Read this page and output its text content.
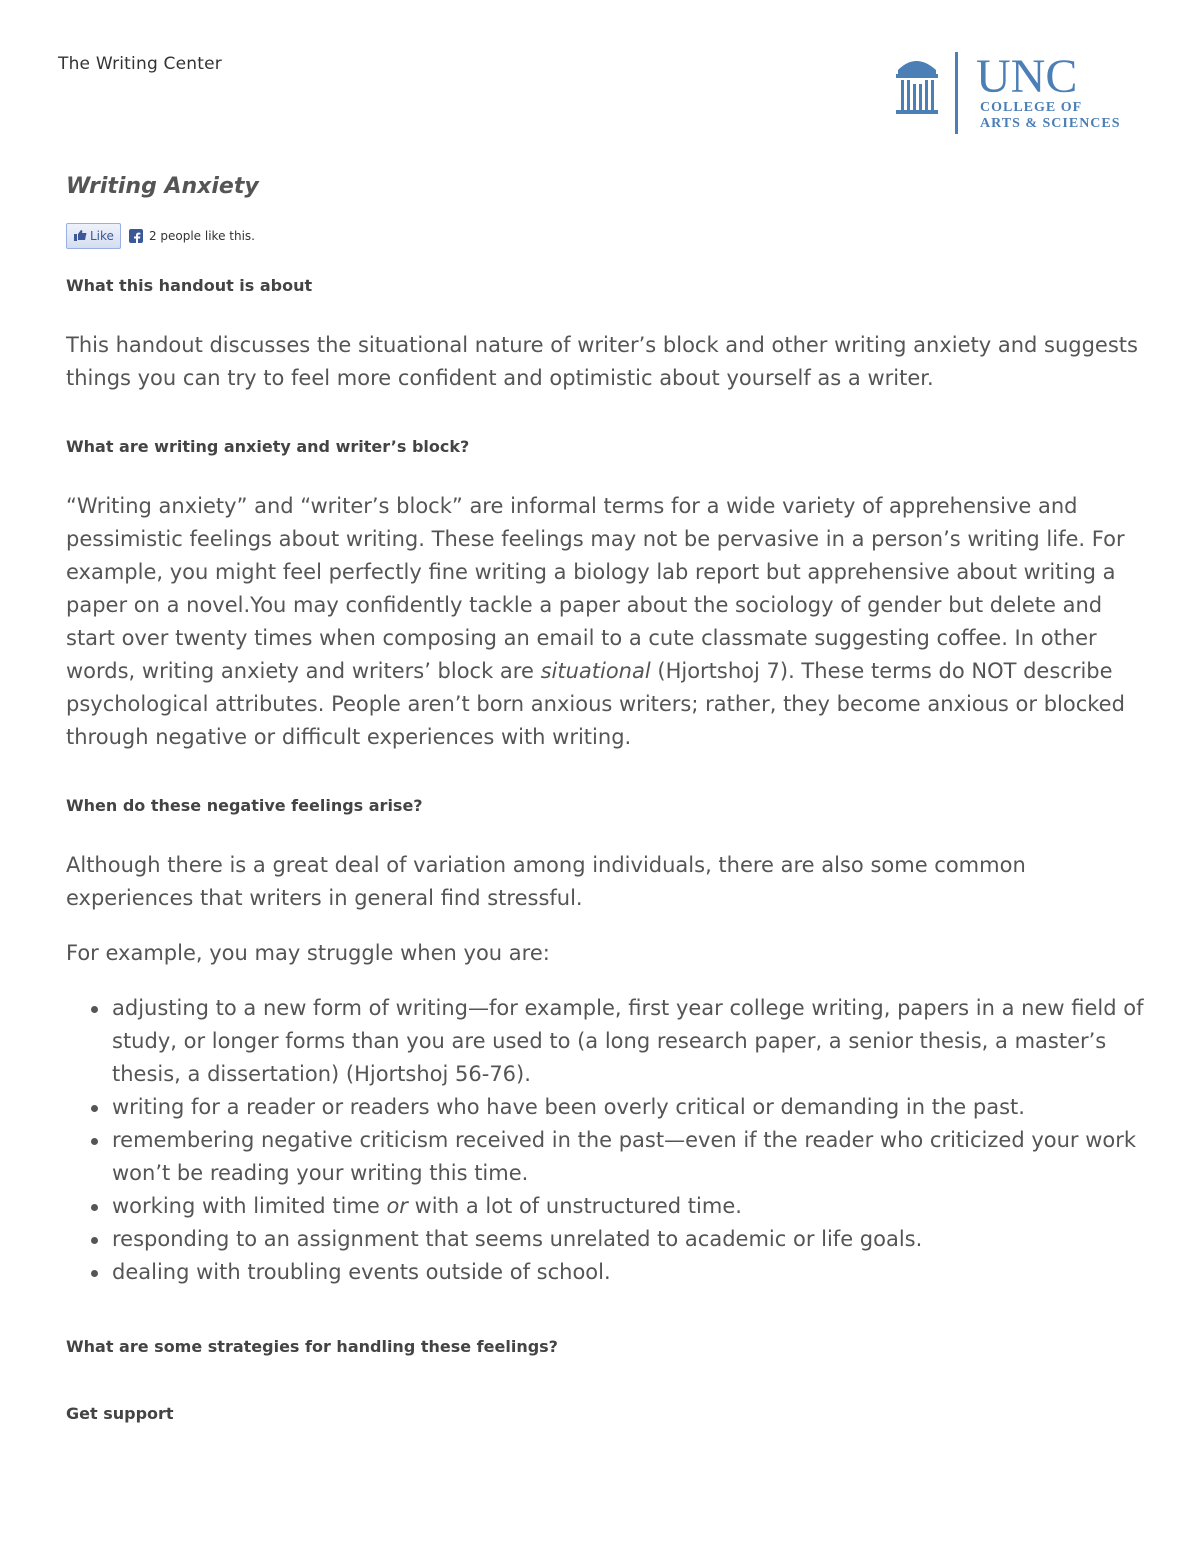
The Writing Center	UNC
COLLEGE OF
ARTS & SCIENCES
Writing Anxiety
Like	2 people like this.
What this handout is about

This handout discusses the situational nature of writer’s block and other writing anxiety and suggests things you can try to feel more confident and optimistic about yourself as a writer.

What are writing anxiety and writer’s block?

“Writing anxiety” and “writer’s block” are informal terms for a wide variety of apprehensive and pessimistic feelings about writing. These feelings may not be pervasive in a person’s writing life. For example, you might feel perfectly fine writing a biology lab report but apprehensive about writing a paper on a novel.You may confidently tackle a paper about the sociology of gender but delete and start over twenty times when composing an email to a cute classmate suggesting coffee. In other words, writing anxiety and writers’ block are situational (Hjortshoj 7). These terms do NOT describe psychological attributes. People aren’t born anxious writers; rather, they become anxious or blocked through negative or difficult experiences with writing.

When do these negative feelings arise?

Although there is a great deal of variation among individuals, there are also some common experiences that writers in general find stressful.

For example, you may struggle when you are:

adjusting to a new form of writing—for example, first year college writing, papers in a new field of study, or longer forms than you are used to (a long research paper, a senior thesis, a master’s thesis, a dissertation) (Hjortshoj 56-76).
writing for a reader or readers who have been overly critical or demanding in the past.
remembering negative criticism received in the past—even if the reader who criticized your work won’t be reading your writing this time.
working with limited time or with a lot of unstructured time.
responding to an assignment that seems unrelated to academic or life goals.
dealing with troubling events outside of school.
What are some strategies for handling these feelings?
Get support
